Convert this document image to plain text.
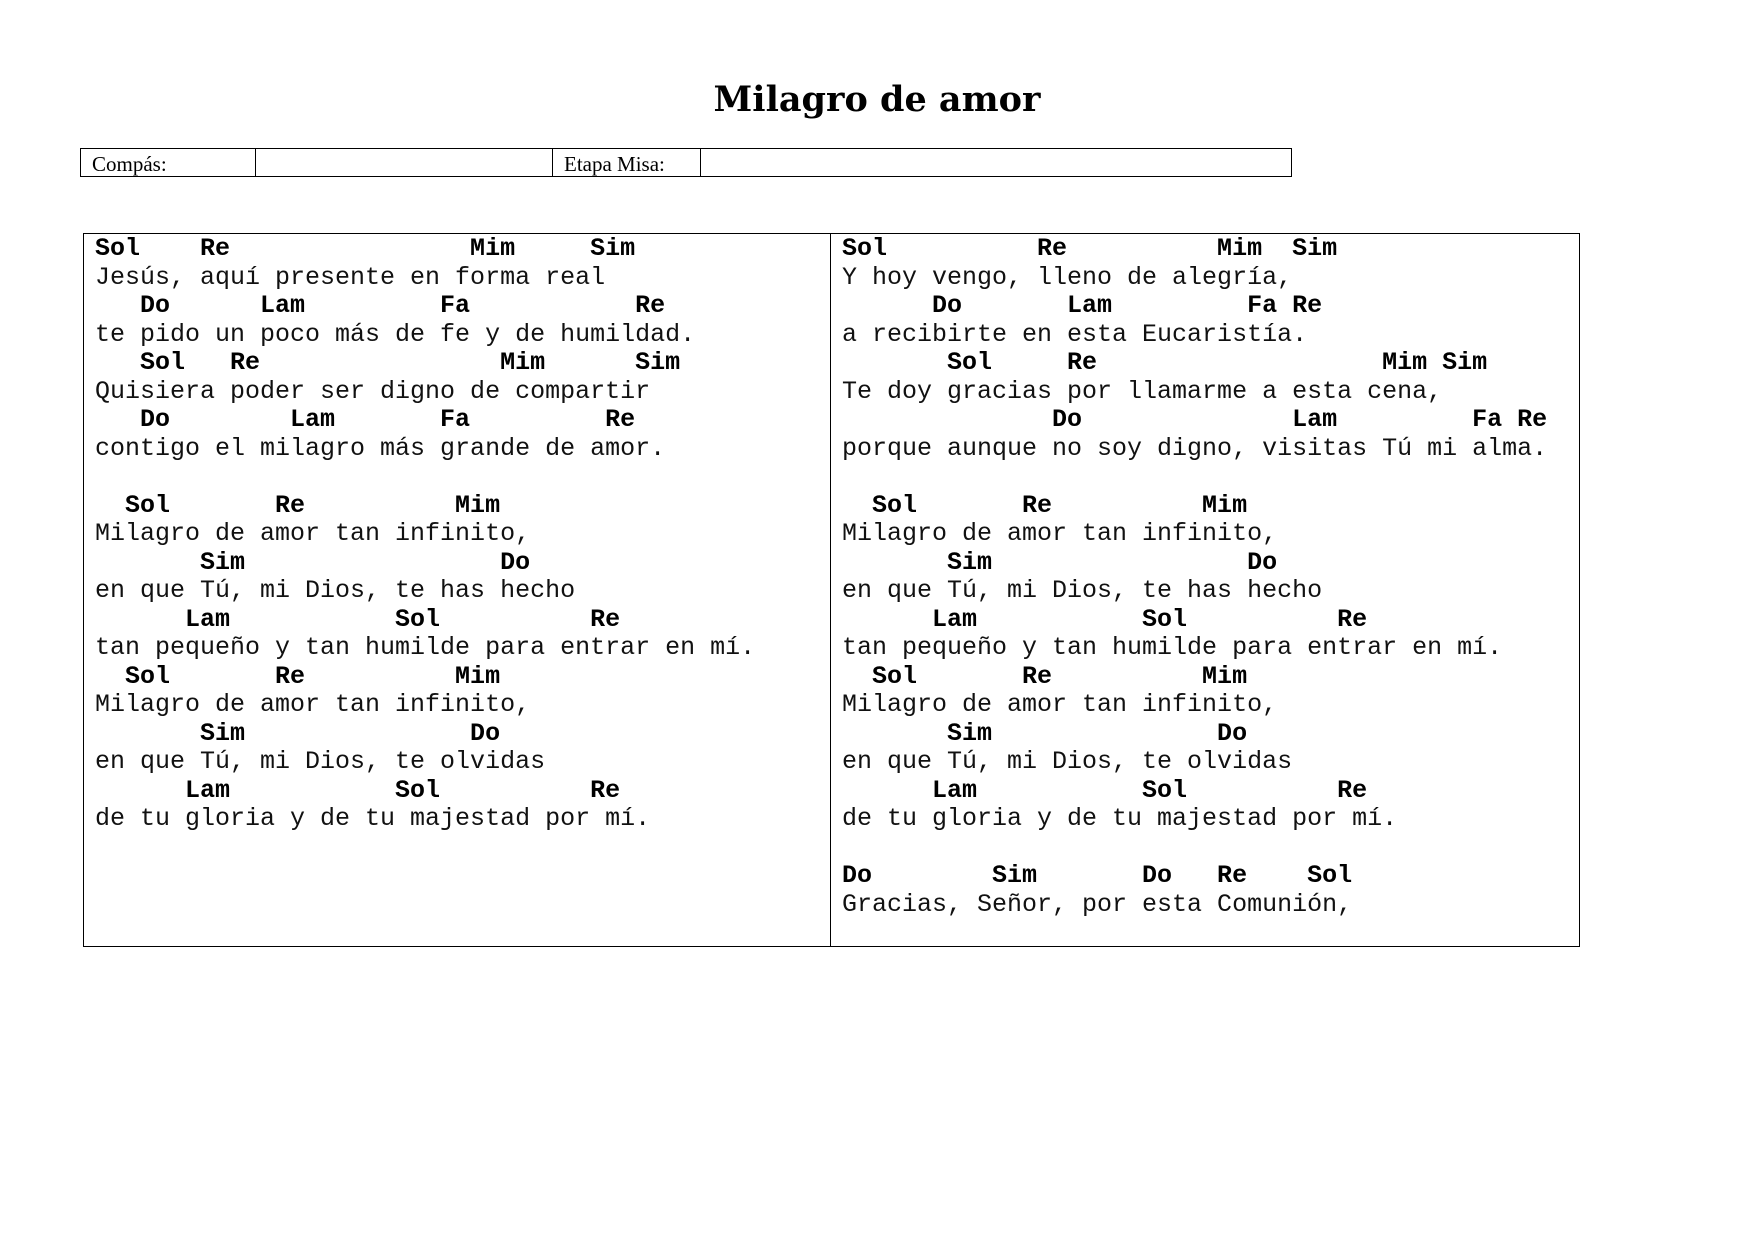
Milagro de amor
Compás:	Etapa Misa:
Sol    Re                Mim     Sim
Jesús, aquí presente en forma real
Do      Lam         Fa           Re
te pido un poco más de fe y de humildad.
Sol   Re                Mim      Sim
Quisiera poder ser digno de compartir
Do        Lam       Fa         Re
contigo el milagro más grande de amor.
Sol       Re          Mim
Milagro de amor tan infinito,
Sim                 Do
en que Tú, mi Dios, te has hecho
Lam           Sol          Re
tan pequeño y tan humilde para entrar en mí.
Sol       Re          Mim
Milagro de amor tan infinito,
Sim               Do
en que Tú, mi Dios, te olvidas
Lam           Sol          Re
de tu gloria y de tu majestad por mí.
Sol          Re          Mim  Sim
Y hoy vengo, lleno de alegría,
Do       Lam         Fa Re
a recibirte en esta Eucaristía.
Sol     Re                   Mim Sim
Te doy gracias por llamarme a esta cena,
Do              Lam         Fa Re
porque aunque no soy digno, visitas Tú mi alma.
Sol       Re          Mim
Milagro de amor tan infinito,
Sim                 Do
en que Tú, mi Dios, te has hecho
Lam           Sol          Re
tan pequeño y tan humilde para entrar en mí.
Sol       Re          Mim
Milagro de amor tan infinito,
Sim               Do
en que Tú, mi Dios, te olvidas
Lam           Sol          Re
de tu gloria y de tu majestad por mí.
Do        Sim       Do   Re    Sol
Gracias, Señor, por esta Comunión,
